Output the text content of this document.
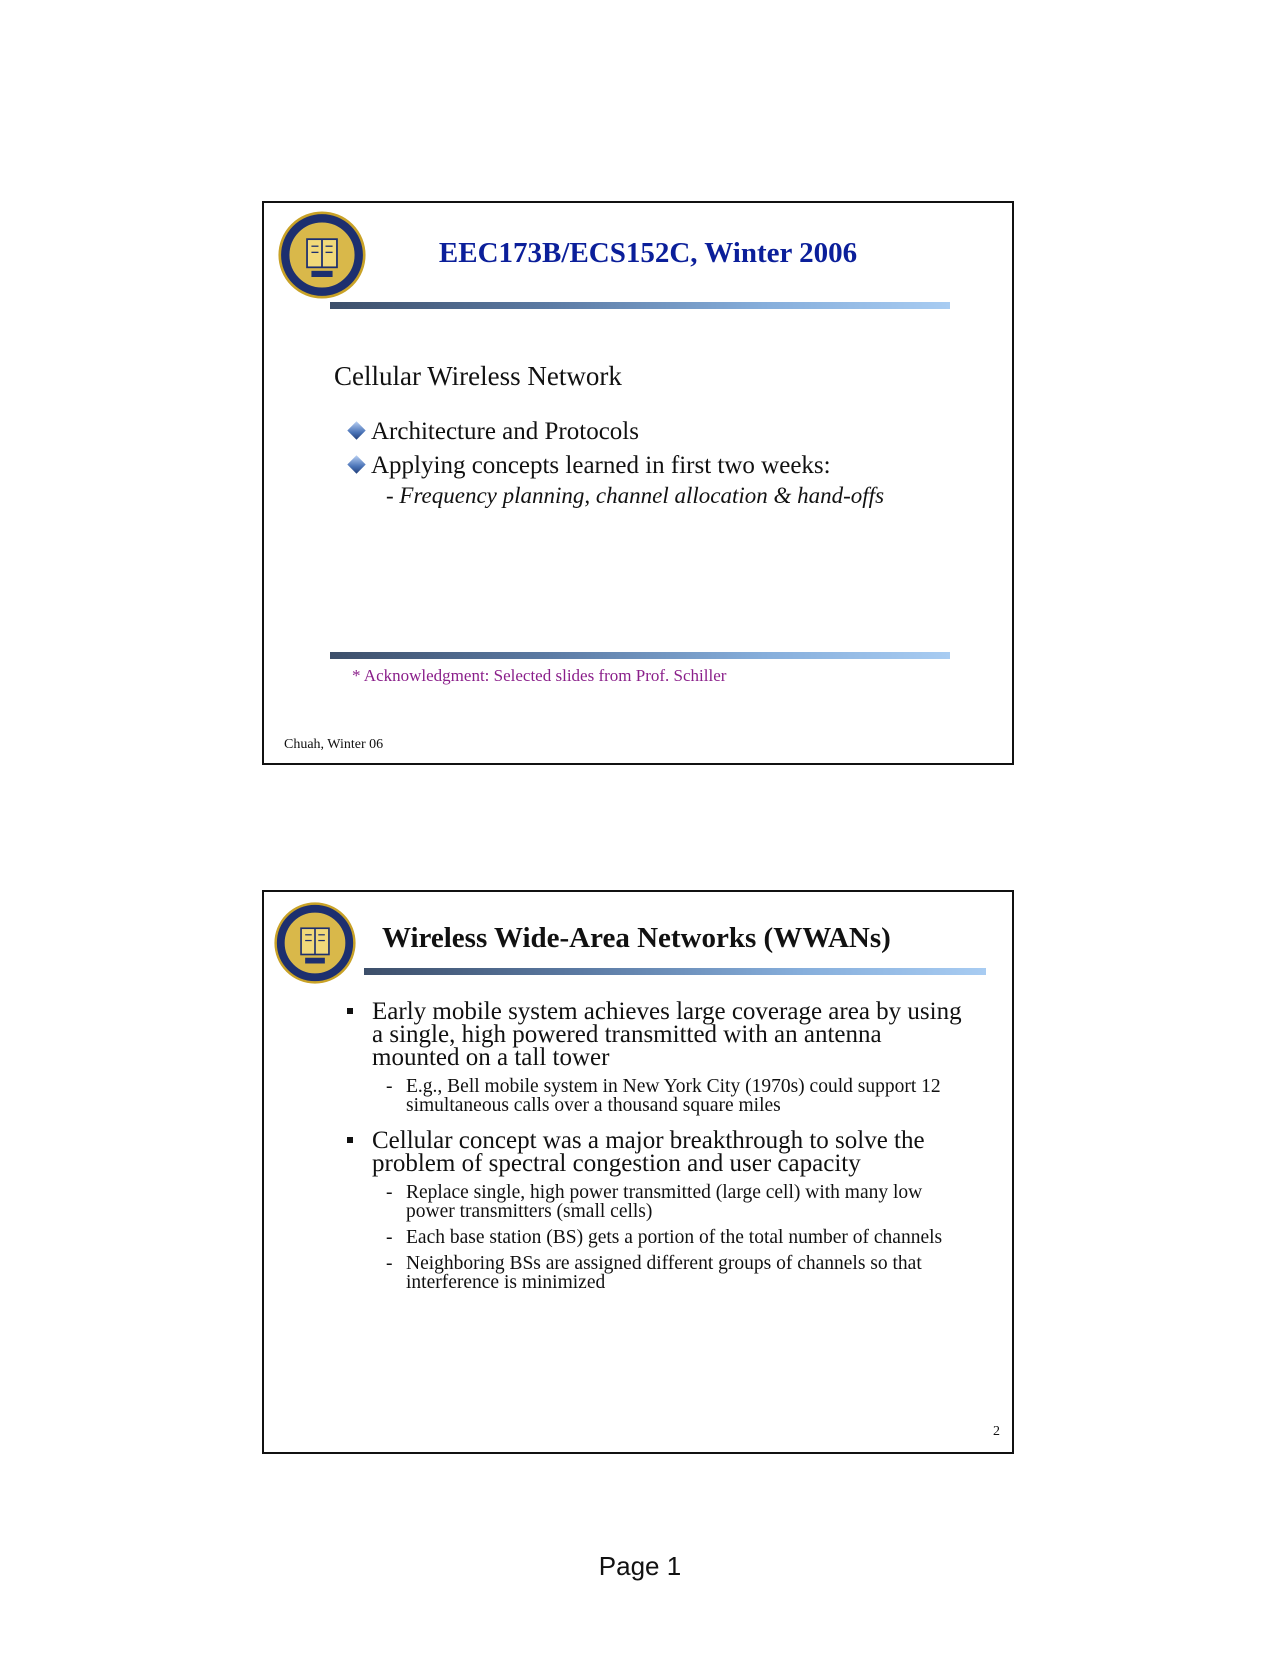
EEC173B/ECS152C, Winter 2006
Cellular Wireless Network
Architecture and Protocols
Applying concepts learned in first two weeks:
- Frequency planning, channel allocation & hand-offs
* Acknowledgment: Selected slides from Prof. Schiller
Chuah, Winter 06
Wireless Wide-Area Networks (WWANs)
Early mobile system achieves large coverage area by using a single, high powered transmitted with an antenna mounted on a tall tower
- E.g., Bell mobile system in New York City (1970s) could support 12 simultaneous calls over a thousand square miles
Cellular concept was a major breakthrough to solve the problem of spectral congestion and user capacity
- Replace single, high power transmitted (large cell) with many low power transmitters (small cells)
- Each base station (BS) gets a portion of the total number of channels
- Neighboring BSs are assigned different groups of channels so that interference is minimized
2
Page 1
